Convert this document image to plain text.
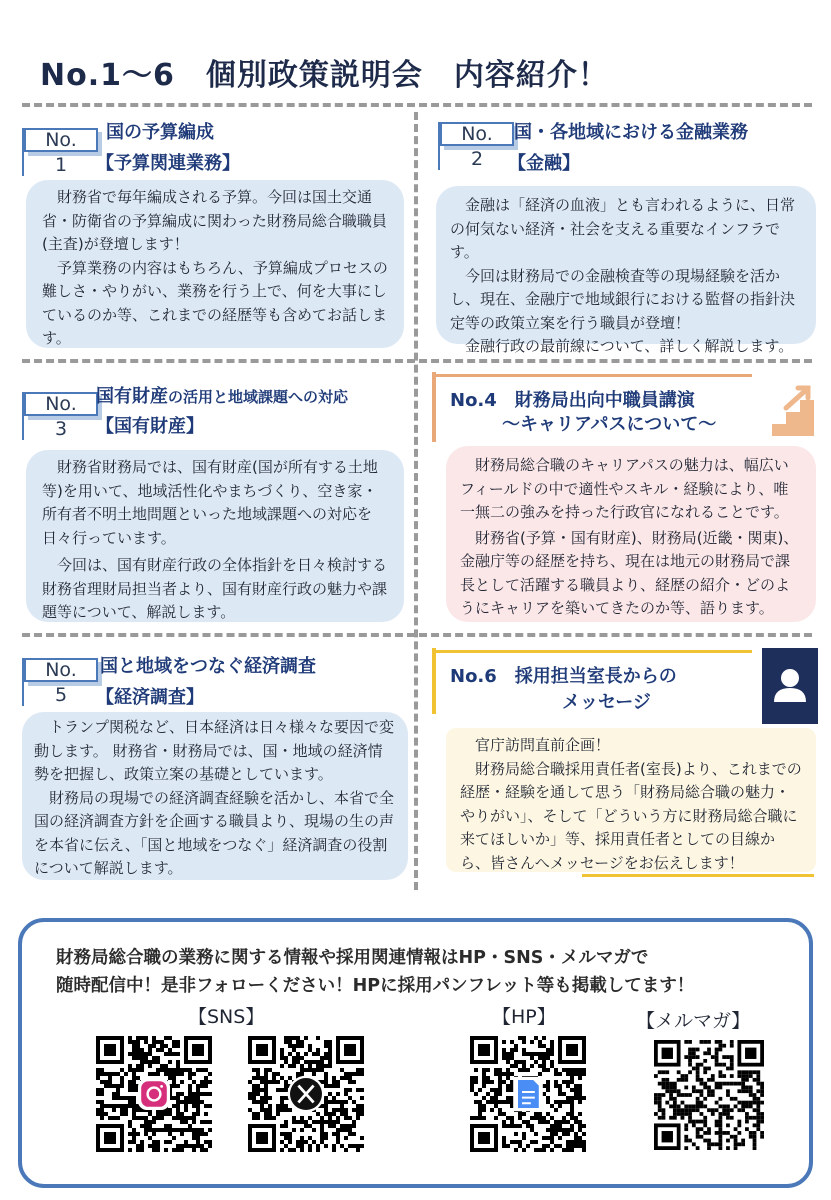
No.1～6　個別政策説明会　内容紹介！
No.
1
国の予算編成
【予算関連業務】

財務省で毎年編成される予算。今回は国土交通省・防衛省の予算編成に関わった財務局総合職職員(主査)が登壇します！

予算業務の内容はもちろん、予算編成プロセスの難しさ・やりがい、業務を行う上で、何を大事にしているのか等、これまでの経歴等も含めてお話します。

No.
2
国・各地域における金融業務
【金融】

金融は「経済の血液」とも言われるように、日常の何気ない経済・社会を支える重要なインフラです。

今回は財務局での金融検査等の現場経験を活かし、現在、金融庁で地域銀行における監督の指針決定等の政策立案を行う職員が登壇！

金融行政の最前線について、詳しく解説します。

No.
3
国有財産の活用と地域課題への対応
【国有財産】

財務省財務局では、国有財産(国が所有する土地等)を用いて、地域活性化やまちづくり、空き家・所有者不明土地問題といった地域課題への対応を日々行っています。

今回は、国有財産行政の全体指針を日々検討する財務省理財局担当者より、国有財産行政の魅力や課題等について、解説します。

No.4　財務局出向中職員講演
～キャリアパスについて～

財務局総合職のキャリアパスの魅力は、幅広いフィールドの中で適性やスキル・経験により、唯一無二の強みを持った行政官になれることです。

財務省(予算・国有財産)、財務局(近畿・関東)、金融庁等の経歴を持ち、現在は地元の財務局で課長として活躍する職員より、経歴の紹介・どのようにキャリアを築いてきたのか等、語ります。

No.
5
国と地域をつなぐ経済調査
【経済調査】

トランプ関税など、日本経済は日々様々な要因で変動します。 財務省・財務局では、国・地域の経済情勢を把握し、政策立案の基礎としています。

財務局の現場での経済調査経験を活かし、本省で全国の経済調査方針を企画する職員より、現場の生の声を本省に伝え、「国と地域をつなぐ」経済調査の役割について解説します。

No.6　採用担当室長からの
メッセージ

官庁訪問直前企画！

財務局総合職採用責任者(室長)より、これまでの経歴・経験を通して思う「財務局総合職の魅力・やりがい」、そして「どういう方に財務局総合職に来てほしいか」等、採用責任者としての目線から、皆さんへメッセージをお伝えします！

財務局総合職の業務に関する情報や採用関連情報はHP・SNS・メルマガで
随時配信中！是非フォローください！HPに採用パンフレット等も掲載してます！
【SNS】	【HP】	【メルマガ】
